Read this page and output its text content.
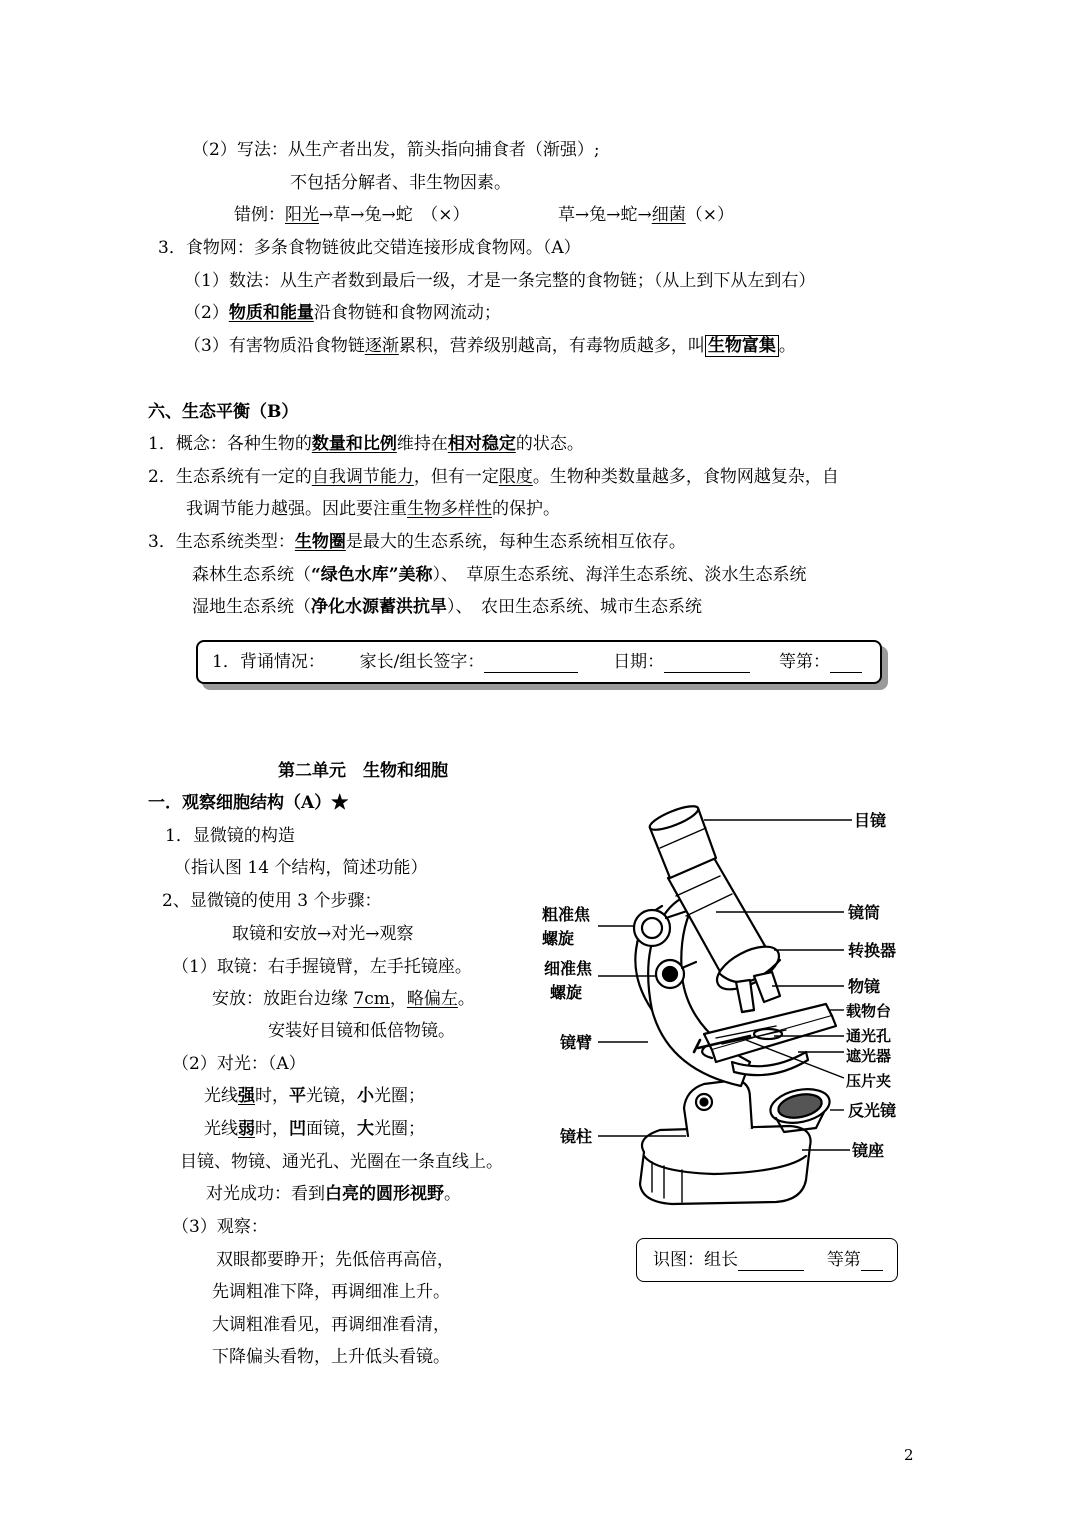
（2）写法：从生产者出发，箭头指向捕食者（渐强）;
不包括分解者、非生物因素。
错例：阳光→草→兔→蛇　（×）	草→兔→蛇→细菌（×）
3．食物网：多条食物链彼此交错连接形成食物网。（A）
（1）数法：从生产者数到最后一级，才是一条完整的食物链；（从上到下从左到右）
（2）物质和能量沿食物链和食物网流动；
（3）有害物质沿食物链逐渐累积，营养级别越高，有毒物质越多，叫 生物富集 。
六、生态平衡（B）
1．概念：各种生物的数量和比例维持在相对稳定的状态。
2．生态系统有一定的自我调节能力，但有一定限度。生物种类数量越多，食物网越复杂，自
我调节能力越强。因此要注重生物多样性的保护。
3．生态系统类型：生物圈是最大的生态系统，每种生态系统相互依存。
森林生态系统（“绿色水库”美称）、　草原生态系统、海洋生态系统、淡水生态系统
湿地生态系统（净化水源蓄洪抗旱）、　农田生态系统、城市生态系统
1．背诵情况： 家长/组长签字：	日期：	等第：
第二单元　生物和细胞
一．观察细胞结构（A）★
1．显微镜的构造
（指认图 14 个结构，简述功能）
2、显微镜的使用 3 个步骤：
取镜和安放→对光→观察
（1）取镜：右手握镜臂，左手托镜座。
安放：放距台边缘 7cm，略偏左。
安装好目镜和低倍物镜。
（2）对光：（A）
光线强时，平光镜，小光圈；
光线弱时，凹面镜，大光圈；
目镜、物镜、通光孔、光圈在一条直线上。
对光成功：看到白亮的圆形视野。
（3）观察：
双眼都要睁开；先低倍再高倍，
先调粗准下降，再调细准上升。
大调粗准看见，再调细准看清，
下降偏头看物，上升低头看镜。
目镜
镜筒
转换器
物镜
载物台
通光孔
遮光器
压片夹
反光镜
镜座
粗准焦
螺旋
细准焦
螺旋
镜臂
镜柱
识图：组长	等第
2
